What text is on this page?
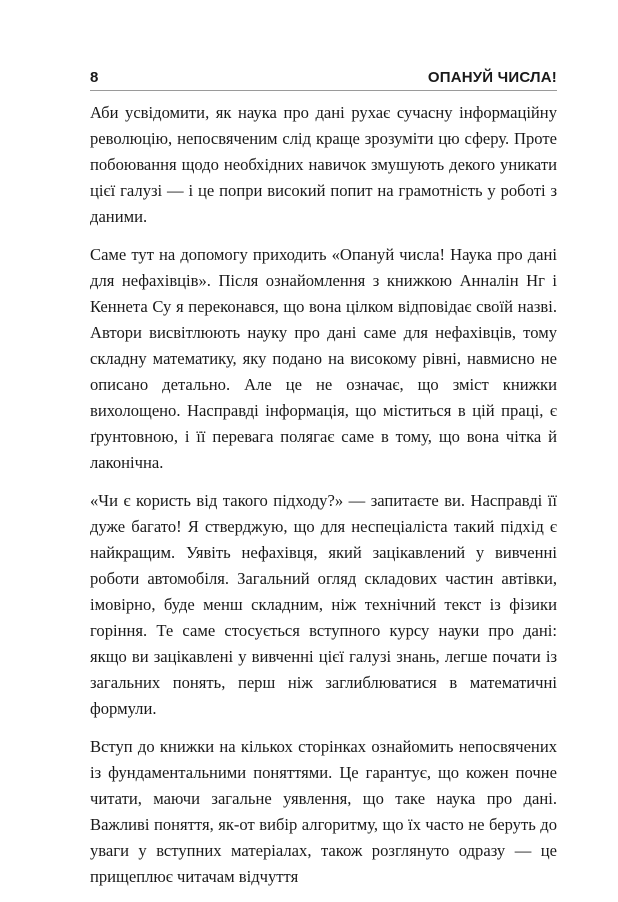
8	ОПАНУЙ ЧИСЛА!

Аби усвідомити, як наука про дані рухає сучасну інформаційну революцію, непосвяченим слід краще зрозуміти цю сферу. Проте побоювання щодо необхідних навичок змушують декого уникати цієї галузі — і це попри високий попит на грамотність у роботі з даними.

Саме тут на допомогу приходить «Опануй числа! Наука про дані для нефахівців». Після ознайомлення з книжкою Анналін Нг і Кеннета Су я переконався, що вона цілком відповідає своїй назві. Автори висвітлюють науку про дані саме для нефахівців, тому складну математику, яку подано на високому рівні, навмисно не описано детально. Але це не означає, що зміст книжки вихолощено. Насправді інформація, що міститься в цій праці, є ґрунтовною, і її перевага полягає саме в тому, що вона чітка й лаконічна.

«Чи є користь від такого підходу?» — запитаєте ви. Насправді її дуже багато! Я стверджую, що для неспеціаліста такий підхід є найкращим. Уявіть нефахівця, який зацікавлений у вивченні роботи автомобіля. Загальний огляд складових частин автівки, імовірно, буде менш складним, ніж технічний текст із фізики горіння. Те саме стосується вступного курсу науки про дані: якщо ви зацікавлені у вивченні цієї галузі знань, легше почати із загальних понять, перш ніж заглиблюватися в математичні формули.

Вступ до книжки на кількох сторінках ознайомить непосвячених із фундаментальними поняттями. Це гарантує, що кожен почне читати, маючи загальне уявлення, що таке наука про дані. Важливі поняття, як-от вибір алгоритму, що їх часто не беруть до уваги у вступних матеріалах, також розглянуто одразу — це прищеплює читачам відчуття
